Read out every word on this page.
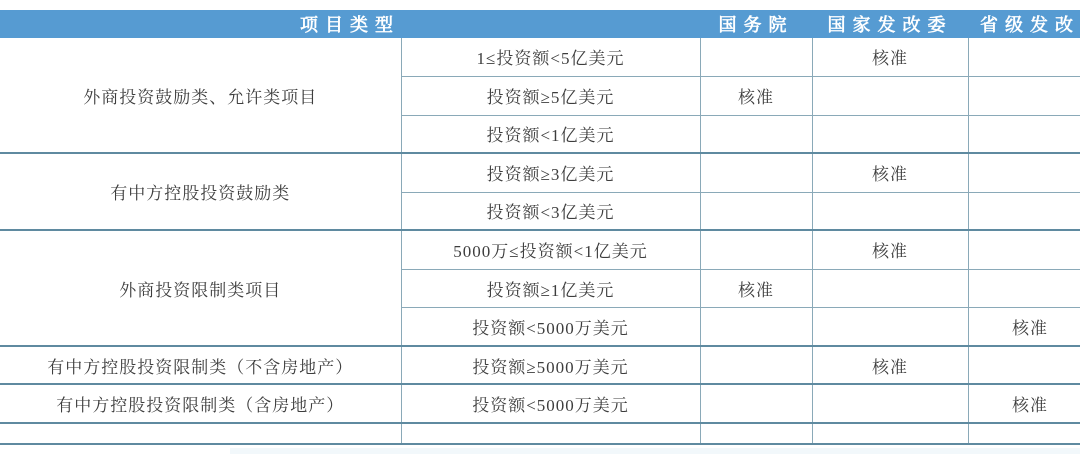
项目类型		国务院	国家发改委	省级发改
外商投资鼓励类、允许类项目	1≤投资额<5亿美元		核准	
	投资额≥5亿美元	核准		
	投资额<1亿美元			
有中方控股投资鼓励类	投资额≥3亿美元		核准	
	投资额<3亿美元			
外商投资限制类项目	5000万≤投资额<1亿美元		核准	
	投资额≥1亿美元	核准		
	投资额<5000万美元			核准
有中方控股投资限制类（不含房地产）	投资额≥5000万美元		核准	
有中方控股投资限制类（含房地产）	投资额<5000万美元			核准
